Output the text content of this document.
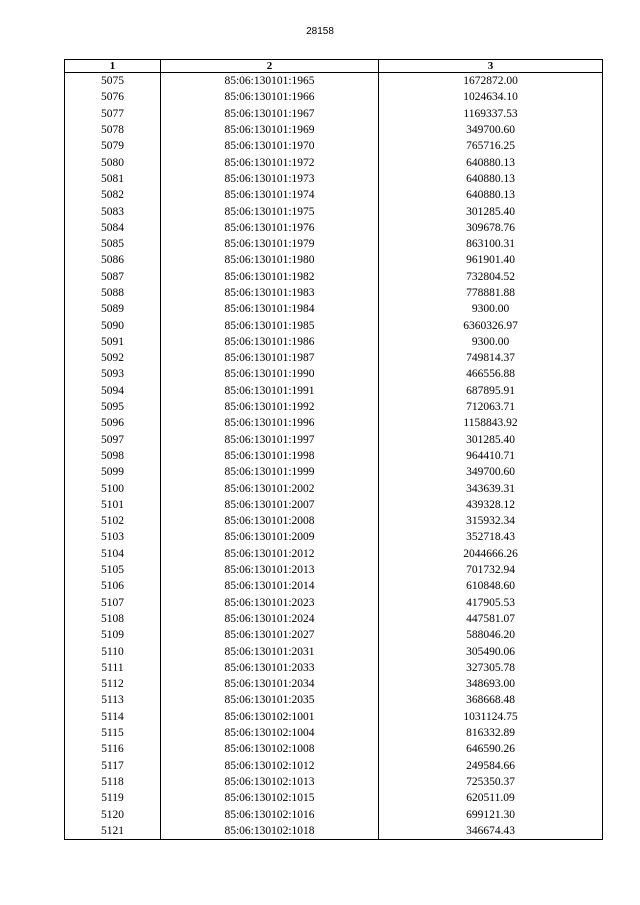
28158
1	2	3
5075	85:06:130101:1965	1672872.00
5076	85:06:130101:1966	1024634.10
5077	85:06:130101:1967	1169337.53
5078	85:06:130101:1969	349700.60
5079	85:06:130101:1970	765716.25
5080	85:06:130101:1972	640880.13
5081	85:06:130101:1973	640880.13
5082	85:06:130101:1974	640880.13
5083	85:06:130101:1975	301285.40
5084	85:06:130101:1976	309678.76
5085	85:06:130101:1979	863100.31
5086	85:06:130101:1980	961901.40
5087	85:06:130101:1982	732804.52
5088	85:06:130101:1983	778881.88
5089	85:06:130101:1984	9300.00
5090	85:06:130101:1985	6360326.97
5091	85:06:130101:1986	9300.00
5092	85:06:130101:1987	749814.37
5093	85:06:130101:1990	466556.88
5094	85:06:130101:1991	687895.91
5095	85:06:130101:1992	712063.71
5096	85:06:130101:1996	1158843.92
5097	85:06:130101:1997	301285.40
5098	85:06:130101:1998	964410.71
5099	85:06:130101:1999	349700.60
5100	85:06:130101:2002	343639.31
5101	85:06:130101:2007	439328.12
5102	85:06:130101:2008	315932.34
5103	85:06:130101:2009	352718.43
5104	85:06:130101:2012	2044666.26
5105	85:06:130101:2013	701732.94
5106	85:06:130101:2014	610848.60
5107	85:06:130101:2023	417905.53
5108	85:06:130101:2024	447581.07
5109	85:06:130101:2027	588046.20
5110	85:06:130101:2031	305490.06
5111	85:06:130101:2033	327305.78
5112	85:06:130101:2034	348693.00
5113	85:06:130101:2035	368668.48
5114	85:06:130102:1001	1031124.75
5115	85:06:130102:1004	816332.89
5116	85:06:130102:1008	646590.26
5117	85:06:130102:1012	249584.66
5118	85:06:130102:1013	725350.37
5119	85:06:130102:1015	620511.09
5120	85:06:130102:1016	699121.30
5121	85:06:130102:1018	346674.43
